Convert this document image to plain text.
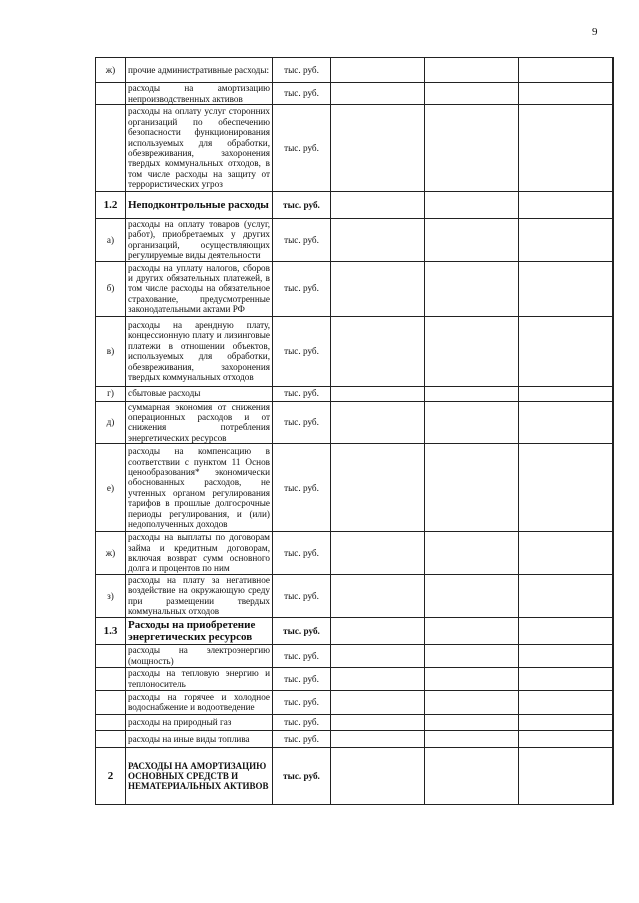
9
ж)	прочие административные расходы:	тыс. руб.				
	расходы на амортизацию непроизводственных активов	тыс. руб.				
	расходы на оплату услуг сторонних организаций по обеспечению безопасности функционирования используемых для обработки, обезвреживания, захоронения твердых коммунальных отходов, в том числе расходы на защиту от террористических угроз	тыс. руб.				
1.2	Неподконтрольные расходы	тыс. руб.				
а)	расходы на оплату товаров (услуг, работ), приобретаемых у других организаций, осуществляющих регулируемые виды деятельности	тыс. руб.				
б)	расходы на уплату налогов, сборов и других обязательных платежей, в том числе расходы на обязательное страхование, предусмотренные законодательными актами РФ	тыс. руб.				
в)	расходы на арендную плату, концессионную плату и лизинговые платежи в отношении объектов, используемых для обработки, обезвреживания, захоронения твердых коммунальных отходов	тыс. руб.				
г)	сбытовые расходы	тыс. руб.				
д)	суммарная экономия от снижения операционных расходов и от снижения потребления энергетических ресурсов	тыс. руб.				
е)	расходы на компенсацию в соответствии с пунктом 11 Основ ценообразования* экономически обоснованных расходов, не учтенных органом регулирования тарифов в прошлые долгосрочные периоды регулирования, и (или) недополученных доходов	тыс. руб.				
ж)	расходы на выплаты по договорам займа и кредитным договорам, включая возврат сумм основного долга и процентов по ним	тыс. руб.				
з)	расходы на плату за негативное воздействие на окружающую среду при размещении твердых коммунальных отходов	тыс. руб.				
1.3	Расходы на приобретение энергетических ресурсов	тыс. руб.				
	расходы на электроэнергию (мощность)	тыс. руб.				
	расходы на тепловую энергию и теплоноситель	тыс. руб.				
	расходы на горячее и холодное водоснабжение и водоотведение	тыс. руб.				
	расходы на природный газ	тыс. руб.				
	расходы на иные виды топлива	тыс. руб.				
2	РАСХОДЫ НА АМОРТИЗАЦИЮ ОСНОВНЫХ СРЕДСТВ И НЕМАТЕРИАЛЬНЫХ АКТИВОВ	тыс. руб.				
